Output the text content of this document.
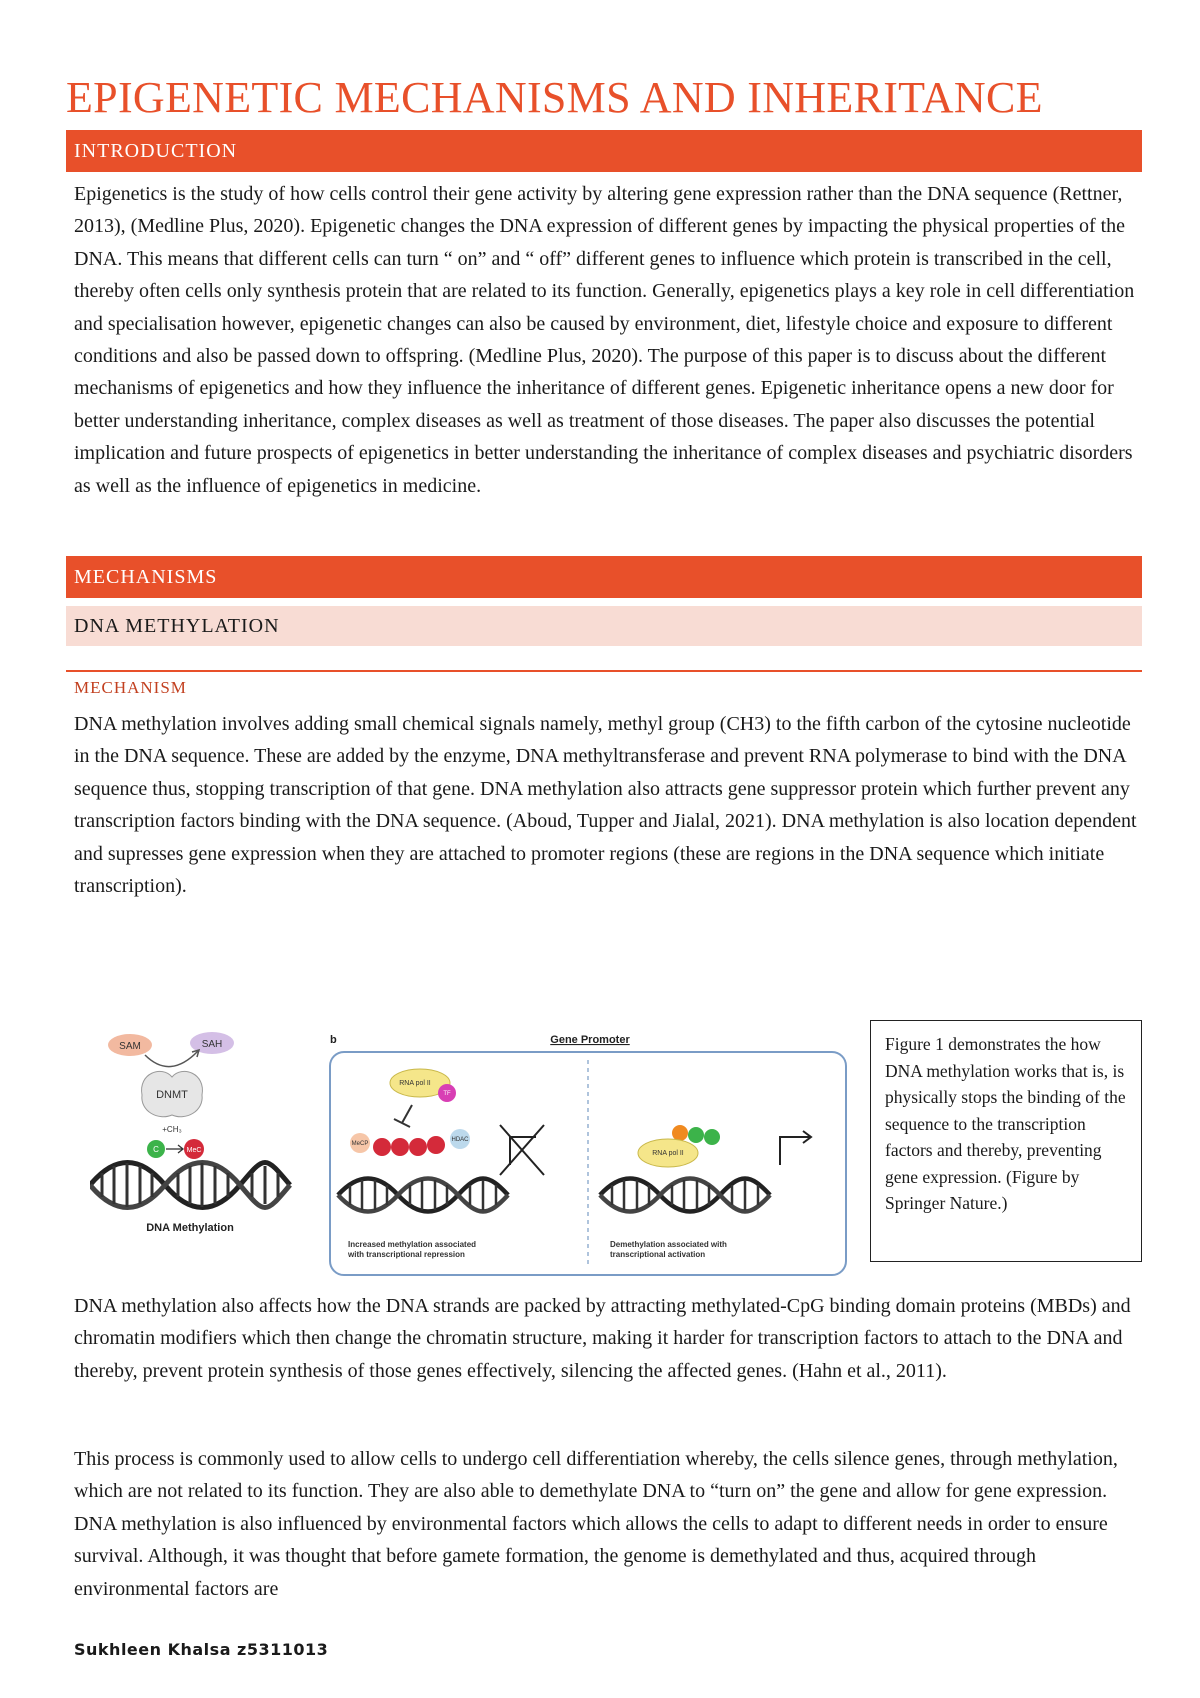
EPIGENETIC MECHANISMS AND INHERITANCE
INTRODUCTION

Epigenetics is the study of how cells control their gene activity by altering gene expression rather than the DNA sequence (Rettner, 2013), (Medline Plus, 2020). Epigenetic changes the DNA expression of different genes by impacting the physical properties of the DNA. This means that different cells can turn “ on” and “ off” different genes to influence which protein is transcribed in the cell, thereby often cells only synthesis protein that are related to its function. Generally, epigenetics plays a key role in cell differentiation and specialisation however, epigenetic changes can also be caused by environment, diet, lifestyle choice and exposure to different conditions and also be passed down to offspring. (Medline Plus, 2020). The purpose of this paper is to discuss about the different mechanisms of epigenetics and how they influence the inheritance of different genes. Epigenetic inheritance opens a new door for better understanding inheritance, complex diseases as well as treatment of those diseases. The paper also discusses the potential implication and future prospects of epigenetics in better understanding the inheritance of complex diseases and psychiatric disorders as well as the influence of epigenetics in medicine.

MECHANISMS
DNA METHYLATION
MECHANISM

DNA methylation involves adding small chemical signals namely, methyl group (CH3) to the fifth carbon of the cytosine nucleotide in the DNA sequence. These are added by the enzyme, DNA methyltransferase and prevent RNA polymerase to bind with the DNA sequence thus, stopping transcription of that gene. DNA methylation also attracts gene suppressor protein which further prevent any transcription factors binding with the DNA sequence. (Aboud, Tupper and Jialal, 2021). DNA methylation is also location dependent and supresses gene expression when they are attached to promoter regions (these are regions in the DNA sequence which initiate transcription).

SAM	SAH
DNMT
+CH₃
C	MeC
DNA Methylation
b	Gene Promoter
RNA pol II
TF
MeCP
HDAC
Increased methylation associated
with transcriptional repression
RNA pol II
Demethylation associated with
transcriptional activation
Figure 1 demonstrates the how DNA methylation works that is, is physically stops the binding of the sequence to the transcription factors and thereby, preventing gene expression. (Figure by Springer Nature.)

DNA methylation also affects how the DNA strands are packed by attracting methylated-CpG binding domain proteins (MBDs) and chromatin modifiers which then change the chromatin structure, making it harder for transcription factors to attach to the DNA and thereby, prevent protein synthesis of those genes effectively, silencing the affected genes. (Hahn et al., 2011).

This process is commonly used to allow cells to undergo cell differentiation whereby, the cells silence genes, through methylation, which are not related to its function. They are also able to demethylate DNA to “turn on” the gene and allow for gene expression. DNA methylation is also influenced by environmental factors which allows the cells to adapt to different needs in order to ensure survival. Although, it was thought that before gamete formation, the genome is demethylated and thus, acquired through environmental factors are

Sukhleen Khalsa z5311013
